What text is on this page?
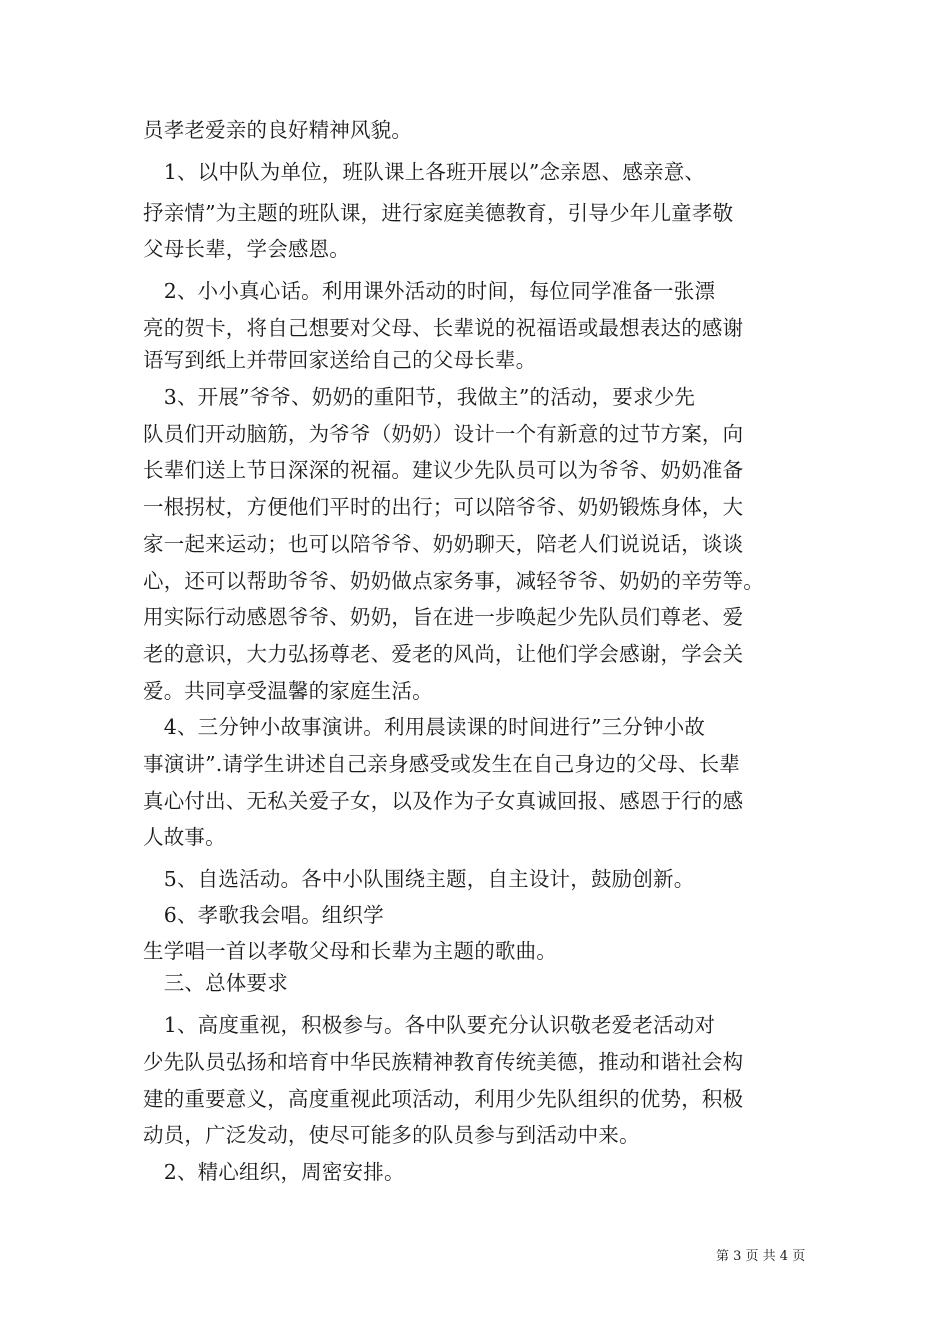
员孝老爱亲的良好精神风貌。
　1、以中队为单位，班队课上各班开展以”念亲恩、感亲意、
抒亲情”为主题的班队课，进行家庭美德教育，引导少年儿童孝敬
父母长辈，学会感恩。
　2、小小真心话。利用课外活动的时间，每位同学准备一张漂
亮的贺卡，将自己想要对父母、长辈说的祝福语或最想表达的感谢
语写到纸上并带回家送给自己的父母长辈。
　3、开展”爷爷、奶奶的重阳节，我做主”的活动，要求少先
队员们开动脑筋，为爷爷（奶奶）设计一个有新意的过节方案，向
长辈们送上节日深深的祝福。建议少先队员可以为爷爷、奶奶准备
一根拐杖，方便他们平时的出行；可以陪爷爷、奶奶锻炼身体，大
家一起来运动；也可以陪爷爷、奶奶聊天，陪老人们说说话，谈谈
心，还可以帮助爷爷、奶奶做点家务事，减轻爷爷、奶奶的辛劳等。
用实际行动感恩爷爷、奶奶，旨在进一步唤起少先队员们尊老、爱
老的意识，大力弘扬尊老、爱老的风尚，让他们学会感谢，学会关
爱。共同享受温馨的家庭生活。
　4、三分钟小故事演讲。利用晨读课的时间进行”三分钟小故
事演讲”.请学生讲述自己亲身感受或发生在自己身边的父母、长辈
真心付出、无私关爱子女，以及作为子女真诚回报、感恩于行的感
人故事。
　5、自选活动。各中小队围绕主题，自主设计，鼓励创新。
　6、孝歌我会唱。组织学
生学唱一首以孝敬父母和长辈为主题的歌曲。
　三、总体要求
　1、高度重视，积极参与。各中队要充分认识敬老爱老活动对
少先队员弘扬和培育中华民族精神教育传统美德，推动和谐社会构
建的重要意义，高度重视此项活动，利用少先队组织的优势，积极
动员，广泛发动，使尽可能多的队员参与到活动中来。
　2、精心组织，周密安排。
第 3 页 共 4 页
